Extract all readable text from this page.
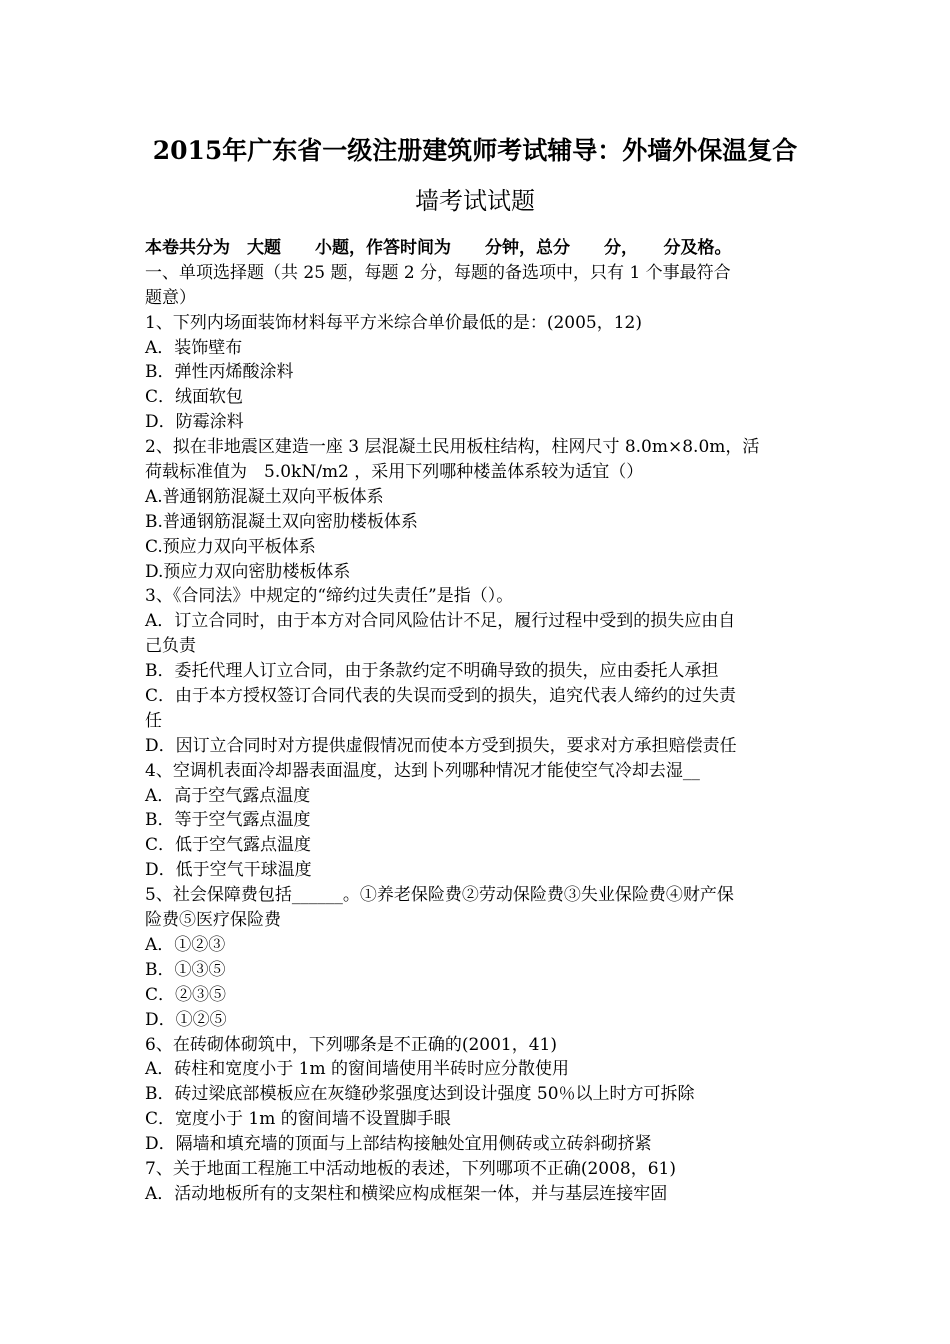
2015年广东省一级注册建筑师考试辅导：外墙外保温复合
墙考试试题
本卷共分为　大题　　小题，作答时间为　　分钟，总分　　分，　　分及格。
一、单项选择题（共 25 题，每题 2 分，每题的备选项中，只有 1 个事最符合
题意）
1、下列内场面装饰材料每平方米综合单价最低的是：(2005，12)
A．装饰壁布
B．弹性丙烯酸涂料
C．绒面软包
D．防霉涂料
2、拟在非地震区建造一座 3 层混凝土民用板柱结构，柱网尺寸 8.0m×8.0m，活
荷载标准值为　5.0kN/m2 ，采用下列哪种楼盖体系较为适宜（）
A.普通钢筋混凝土双向平板体系
B.普通钢筋混凝土双向密肋楼板体系
C.预应力双向平板体系
D.预应力双向密肋楼板体系
3、《合同法》中规定的“缔约过失责任”是指（）。
A．订立合同时，由于本方对合同风险估计不足，履行过程中受到的损失应由自
己负责
B．委托代理人订立合同，由于条款约定不明确导致的损失，应由委托人承担
C．由于本方授权签订合同代表的失误而受到的损失，追究代表人缔约的过失责
任
D．因订立合同时对方提供虚假情况而使本方受到损失，要求对方承担赔偿责任
4、空调机表面冷却器表面温度，达到卜列哪种情况才能使空气冷却去湿__
A．高于空气露点温度
B．等于空气露点温度
C．低于空气露点温度
D．低于空气干球温度
5、社会保障费包括______。①养老保险费②劳动保险费③失业保险费④财产保
险费⑤医疗保险费
A．①②③
B．①③⑤
C．②③⑤
D．①②⑤
6、在砖砌体砌筑中，下列哪条是不正确的(2001，41)
A．砖柱和宽度小于 1m 的窗间墙使用半砖时应分散使用
B．砖过梁底部模板应在灰缝砂浆强度达到设计强度 50％以上时方可拆除
C．宽度小于 1m 的窗间墙不设置脚手眼
D．隔墙和填充墙的顶面与上部结构接触处宜用侧砖或立砖斜砌挤紧
7、关于地面工程施工中活动地板的表述，下列哪项不正确(2008，61)
A．活动地板所有的支架柱和横梁应构成框架一体，并与基层连接牢固
